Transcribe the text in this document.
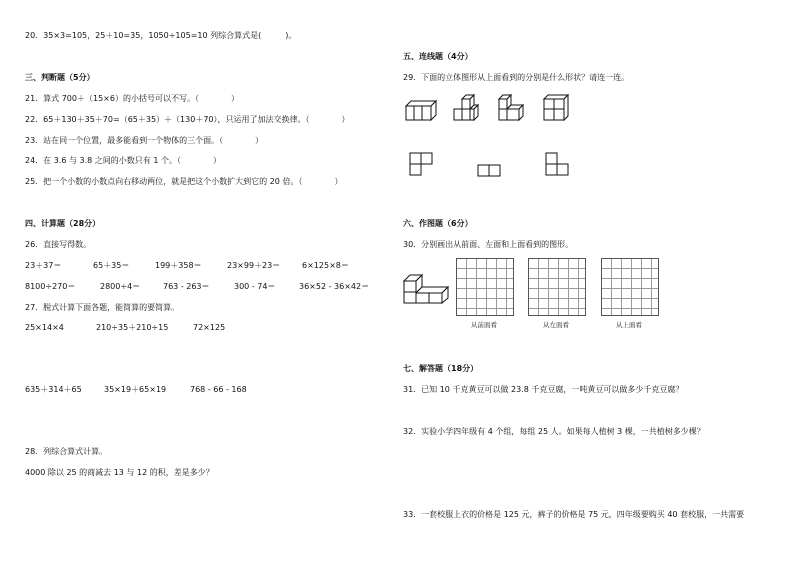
20．35×3=105，25＋10=35，1050÷105=10 列综合算式是(　　　)。
三、判断题（5分）
21．算式 700＋（15×6）的小括号可以不写。（　　　　）
22．65＋130＋35＋70=（65＋35）＋（130＋70），只运用了加法交换律。（　　　　）
23．站在同一个位置，最多能看到一个物体的三个面。（　　　　）
24．在 3.6 与 3.8 之间的小数只有 1 个。（　　　　）
25．把一个小数的小数点向右移动两位，就是把这个小数扩大到它的 20 倍。（　　　　）
四、计算题（28分）
26．直接写得数。
23＋37＝	65＋35＝	199＋358＝	23×99＋23＝	6×125×8＝
8100÷270＝	2800÷4＝	763 - 263＝	300 - 74＝	36×52 - 36×42＝
27．脱式计算下面各题，能简算的要简算。
25×14×4	210÷35＋210÷15	72×125
635＋314＋65	35×19＋65×19	768 - 66 - 168
28．列综合算式计算。
4000 除以 25 的商减去 13 与 12 的积，差是多少？
五、连线题（4分）
29．下面的立体图形从上面看到的分别是什么形状？请连一连。
六、作图题（6分）
30．分别画出从前面、左面和上面看到的图形。
从前面看	从左面看	从上面看
七、解答题（18分）
31．已知 10 千克黄豆可以做 23.8 千克豆腐，一吨黄豆可以做多少千克豆腐？
32．实验小学四年级有 4 个组，每组 25 人。如果每人植树 3 棵，一共植树多少棵？
33．一套校服上衣的价格是 125 元，裤子的价格是 75 元，四年级要购买 40 套校服，一共需要
